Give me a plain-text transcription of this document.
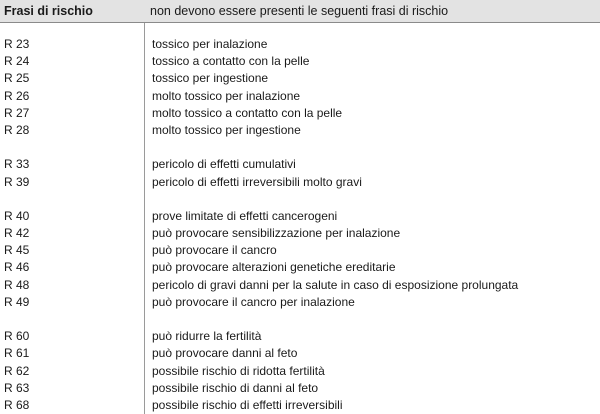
Frasi di rischio	non devono essere presenti le seguenti frasi di rischio
R 23	tossico per inalazione
R 24	tossico a contatto con la pelle
R 25	tossico per ingestione
R 26	molto tossico per inalazione
R 27	molto tossico a contatto con la pelle
R 28	molto tossico per ingestione
R 33	pericolo di effetti cumulativi
R 39	pericolo di effetti irreversibili molto gravi
R 40	prove limitate di effetti cancerogeni
R 42	può provocare sensibilizzazione per inalazione
R 45	può provocare il cancro
R 46	può provocare alterazioni genetiche ereditarie
R 48	pericolo di gravi danni per la salute in caso di esposizione prolungata
R 49	può provocare il cancro per inalazione
R 60	può ridurre la fertilità
R 61	può provocare danni al feto
R 62	possibile rischio di ridotta fertilità
R 63	possibile rischio di danni al feto
R 68	possibile rischio di effetti irreversibili
